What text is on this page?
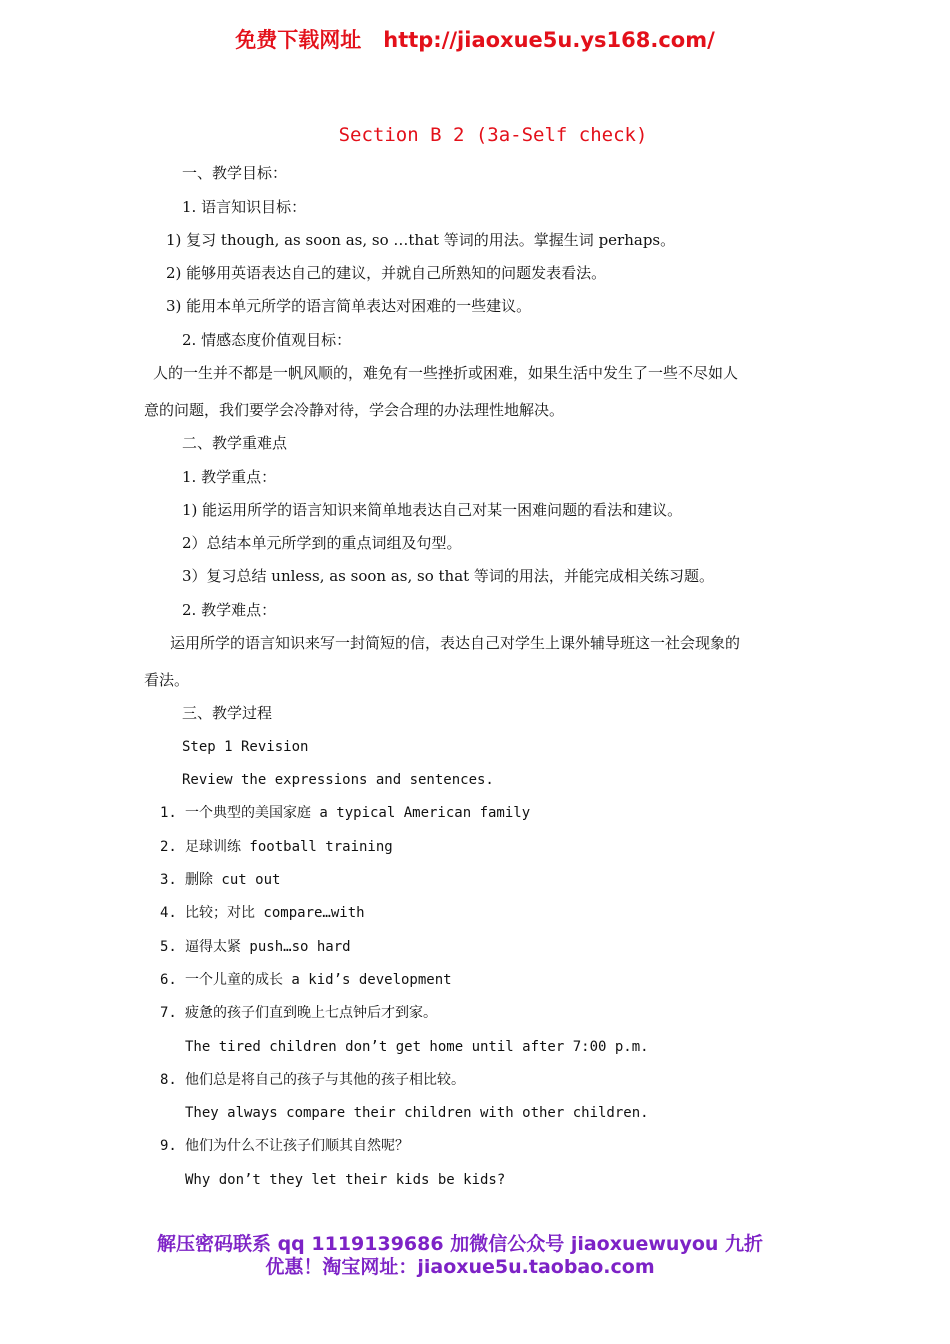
免费下载网址 http://jiaoxue5u.ys168.com/
Section B 2 (3a-Self check)
一、教学目标：
1. 语言知识目标：
1) 复习 though, as soon as, so …that 等词的用法。掌握生词 perhaps。
2) 能够用英语表达自己的建议，并就自己所熟知的问题发表看法。
3) 能用本单元所学的语言简单表达对困难的一些建议。
2. 情感态度价值观目标：
人的一生并不都是一帆风顺的，难免有一些挫折或困难，如果生活中发生了一些不尽如人
意的问题，我们要学会冷静对待，学会合理的办法理性地解决。
二、教学重难点
1. 教学重点：
1) 能运用所学的语言知识来简单地表达自己对某一困难问题的看法和建议。
2）总结本单元所学到的重点词组及句型。
3）复习总结 unless, as soon as, so that 等词的用法，并能完成相关练习题。
2. 教学难点：
运用所学的语言知识来写一封简短的信，表达自己对学生上课外辅导班这一社会现象的
看法。
三、教学过程
Step 1 Revision
Review the expressions and sentences.
1. 一个典型的美国家庭 a typical American family
2. 足球训练 football training
3. 删除 cut out
4. 比较；对比 compare…with
5. 逼得太紧 push…so hard
6. 一个儿童的成长 a kid’s development
7. 疲惫的孩子们直到晚上七点钟后才到家。
The tired children don’t get home until after 7:00 p.m.
8. 他们总是将自己的孩子与其他的孩子相比较。
They always compare their children with other children.
9. 他们为什么不让孩子们顺其自然呢？
Why don’t they let their kids be kids?
解压密码联系 qq 1119139686 加微信公众号 jiaoxuewuyou 九折
优惠！淘宝网址：jiaoxue5u.taobao.com
